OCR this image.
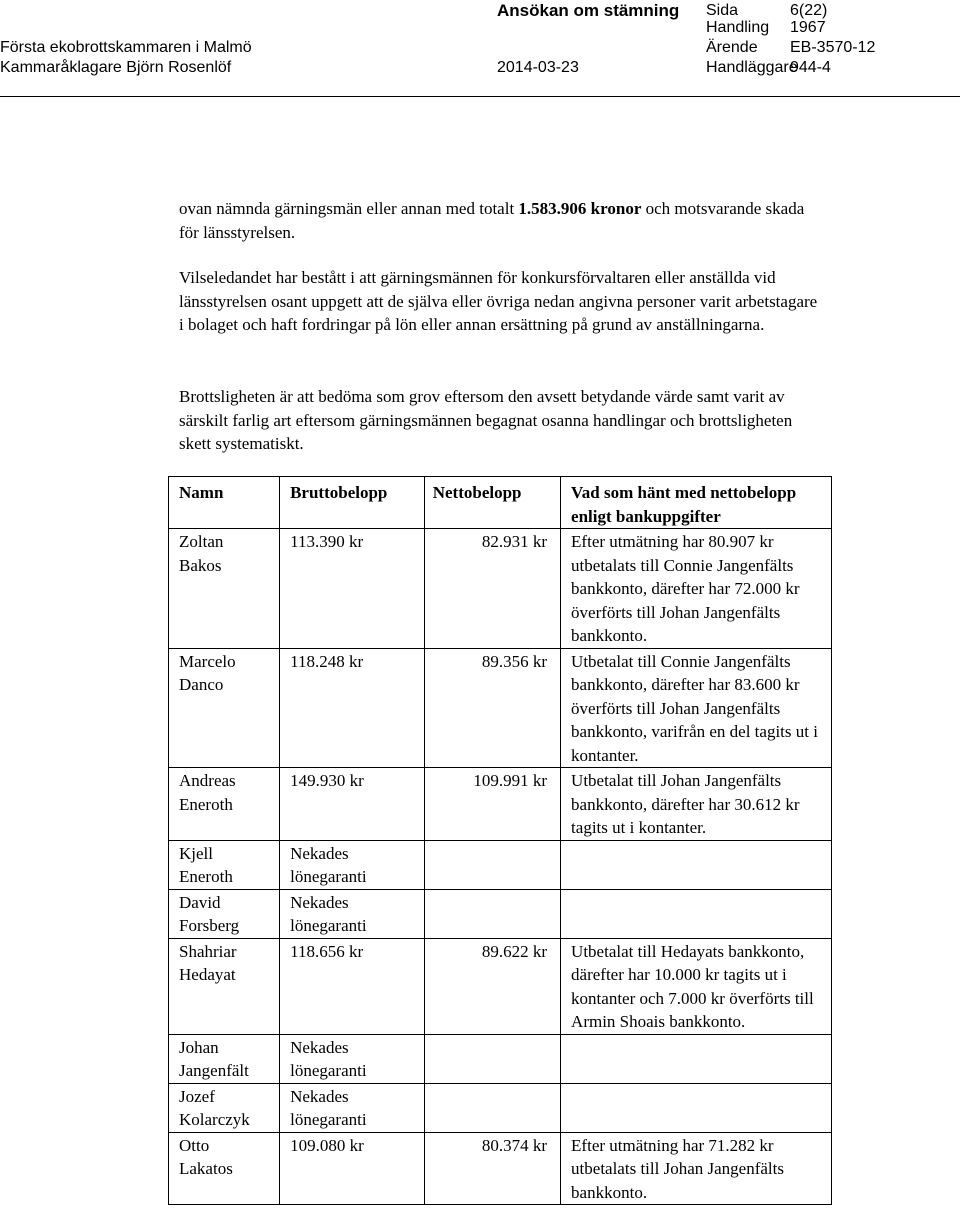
Ansökan om stämning Sida	6(22)
Handling 1967
Första ekobrottskammaren i Malmö	Ärende EB-3570-12
Kammaråklagare Björn Rosenlöf	2014-03-23	Handläggare
944-4

ovan nämnda gärningsmän eller annan med totalt 1.583.906 kronor och motsvarande skada för länsstyrelsen.

Vilseledandet har bestått i att gärningsmännen för konkursförvaltaren eller anställda vid länsstyrelsen osant uppgett att de själva eller övriga nedan angivna personer varit arbetstagare i bolaget och haft fordringar på lön eller annan ersättning på grund av anställningarna.

Brottsligheten är att bedöma som grov eftersom den avsett betydande värde samt varit av särskilt farlig art eftersom gärningsmännen begagnat osanna handlingar och brottsligheten skett systematiskt.

Namn	Bruttobelopp	Nettobelopp	Vad som hänt med nettobelopp enligt bankuppgifter

Zoltan
Bakos	113.390 kr	82.931 kr	Efter utmätning har 80.907 kr utbetalats till Connie Jangenfälts bankkonto, därefter har 72.000 kr överförts till Johan Jangenfälts bankkonto.

Marcelo
Danco	118.248 kr	89.356 kr	Utbetalat till Connie Jangenfälts bankkonto, därefter har 83.600 kr överförts till Johan Jangenfälts bankkonto, varifrån en del tagits ut i kontanter.

Andreas
Eneroth	149.930 kr	109.991 kr	Utbetalat till Johan Jangenfälts bankkonto, därefter har 30.612 kr tagits ut i kontanter.

Kjell
Eneroth	Nekades lönegaranti		

David
Forsberg	Nekades lönegaranti		

Shahriar
Hedayat	118.656 kr	89.622 kr	Utbetalat till Hedayats bankkonto, därefter har 10.000 kr tagits ut i kontanter och 7.000 kr överförts till Armin Shoais bankkonto.

Johan
Jangenfält	Nekades lönegaranti		

Jozef
Kolarczyk	Nekades lönegaranti		

Otto
Lakatos	109.080 kr	80.374 kr	Efter utmätning har 71.282 kr utbetalats till Johan Jangenfälts bankkonto.
